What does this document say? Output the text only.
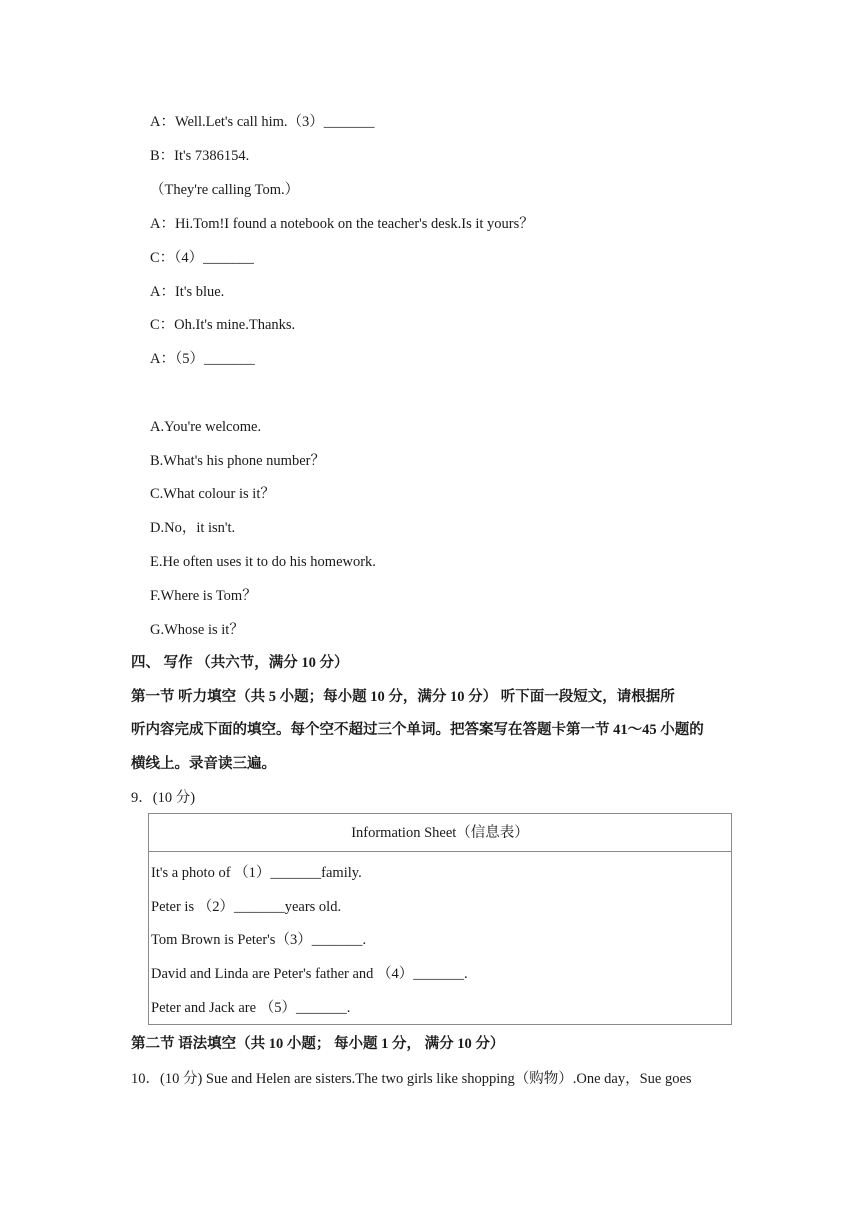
A：Well.Let's call him.（3）_______
B：It's 7386154.
（They're calling Tom.）
A：Hi.Tom!I found a notebook on the teacher's desk.Is it yours？
C：（4）_______
A：It's blue.
C：Oh.It's mine.Thanks.
A：（5）_______
A.You're welcome.
B.What's his phone number？
C.What colour is it？
D.No，it isn't.
E.He often uses it to do his homework.
F.Where is Tom？
G.Whose is it？
四、 写作 （共六节，满分 10 分）
第一节 听力填空（共 5 小题；每小题 10 分，满分 10 分） 听下面一段短文，请根据所
听内容完成下面的填空。每个空不超过三个单词。把答案写在答题卡第一节 41～45 小题的
横线上。录音读三遍。
9．(10 分)
Information Sheet（信息表）
It's a photo of （1）_______family.
Peter is （2）_______years old.
Tom Brown is Peter's（3）_______.
David and Linda are Peter's father and （4）_______.
Peter and Jack are （5）_______.
第二节 语法填空（共 10 小题； 每小题 1 分， 满分 10 分）
10．(10 分) Sue and Helen are sisters.The two girls like shopping（购物）.One day，Sue goes
